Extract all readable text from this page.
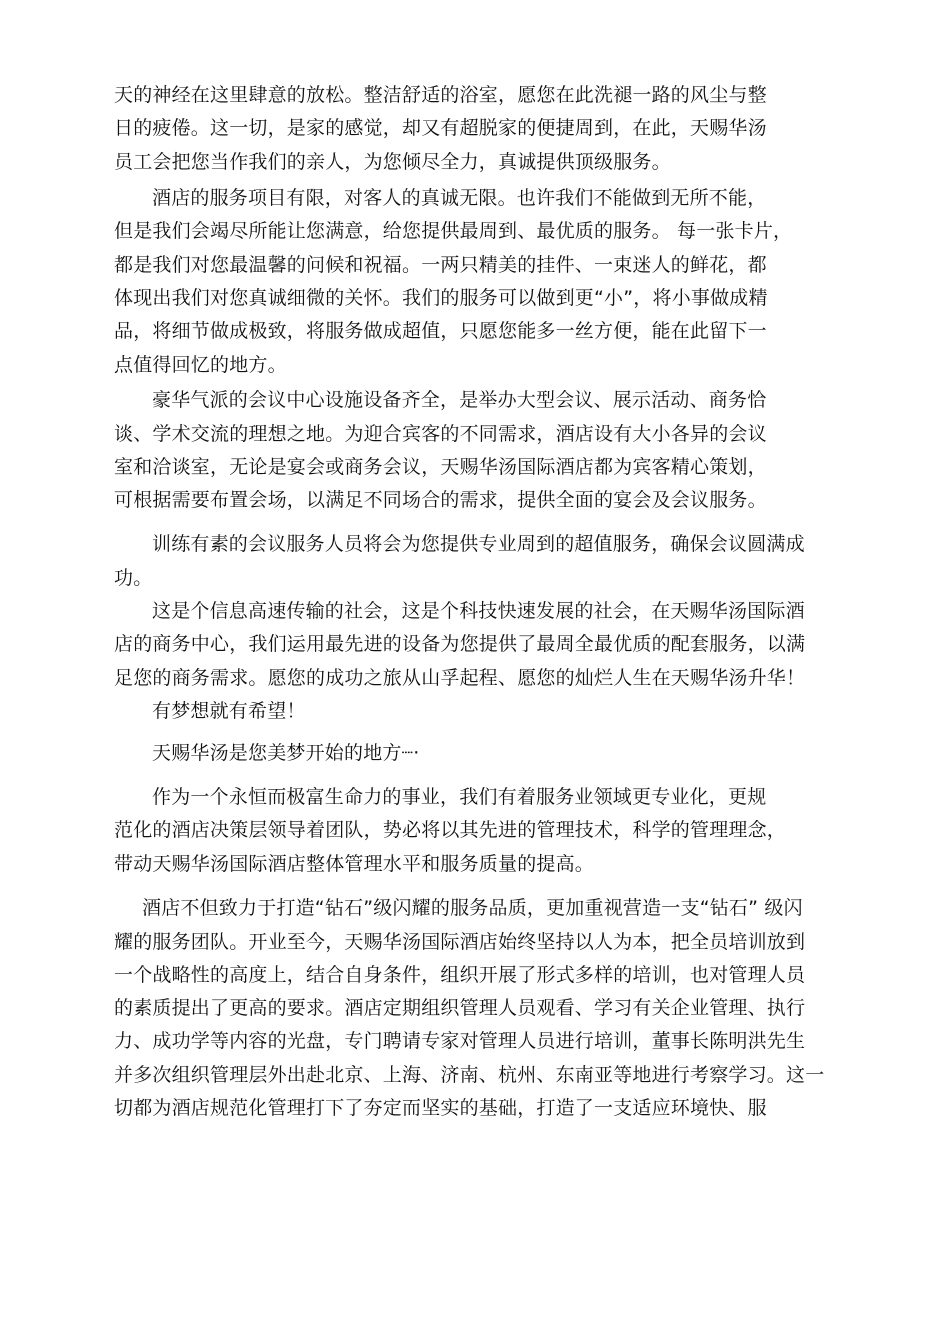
天的神经在这里肆意的放松。整洁舒适的浴室，愿您在此洗褪一路的风尘与整
日的疲倦。这一切，是家的感觉，却又有超脱家的便捷周到，在此，天赐华汤
员工会把您当作我们的亲人，为您倾尽全力，真诚提供顶级服务。
酒店的服务项目有限，对客人的真诚无限。也许我们不能做到无所不能，
但是我们会竭尽所能让您满意，给您提供最周到、最优质的服务。 每一张卡片，
都是我们对您最温馨的问候和祝福。一两只精美的挂件、一束迷人的鲜花，都
体现出我们对您真诚细微的关怀。我们的服务可以做到更“小”，将小事做成精
品，将细节做成极致，将服务做成超值，只愿您能多一丝方便，能在此留下一
点值得回忆的地方。
豪华气派的会议中心设施设备齐全，是举办大型会议、展示活动、商务恰
谈、学术交流的理想之地。为迎合宾客的不同需求，酒店设有大小各异的会议
室和洽谈室，无论是宴会或商务会议，天赐华汤国际酒店都为宾客精心策划，
可根据需要布置会场，以满足不同场合的需求，提供全面的宴会及会议服务。
训练有素的会议服务人员将会为您提供专业周到的超值服务，确保会议圆满成
功。
这是个信息高速传输的社会，这是个科技快速发展的社会，在天赐华汤国际酒
店的商务中心，我们运用最先进的设备为您提供了最周全最优质的配套服务，以满
足您的商务需求。愿您的成功之旅从山孚起程、愿您的灿烂人生在天赐华汤升华！
有梦想就有希望！
天赐华汤是您美梦开始的地方┈·
作为一个永恒而极富生命力的事业，我们有着服务业领域更专业化，更规
范化的酒店决策层领导着团队，势必将以其先进的管理技术，科学的管理理念，
带动天赐华汤国际酒店整体管理水平和服务质量的提高。
酒店不但致力于打造“钻石”级闪耀的服务品质，更加重视营造一支“钻石” 级闪
耀的服务团队。开业至今，天赐华汤国际酒店始终坚持以人为本，把全员培训放到
一个战略性的高度上，结合自身条件，组织开展了形式多样的培训，也对管理人员
的素质提出了更高的要求。酒店定期组织管理人员观看、学习有关企业管理、执行
力、成功学等内容的光盘，专门聘请专家对管理人员进行培训，董事长陈明洪先生
并多次组织管理层外出赴北京、上海、济南、杭州、东南亚等地进行考察学习。这一
切都为酒店规范化管理打下了夯定而坚实的基础，打造了一支适应环境快、服
